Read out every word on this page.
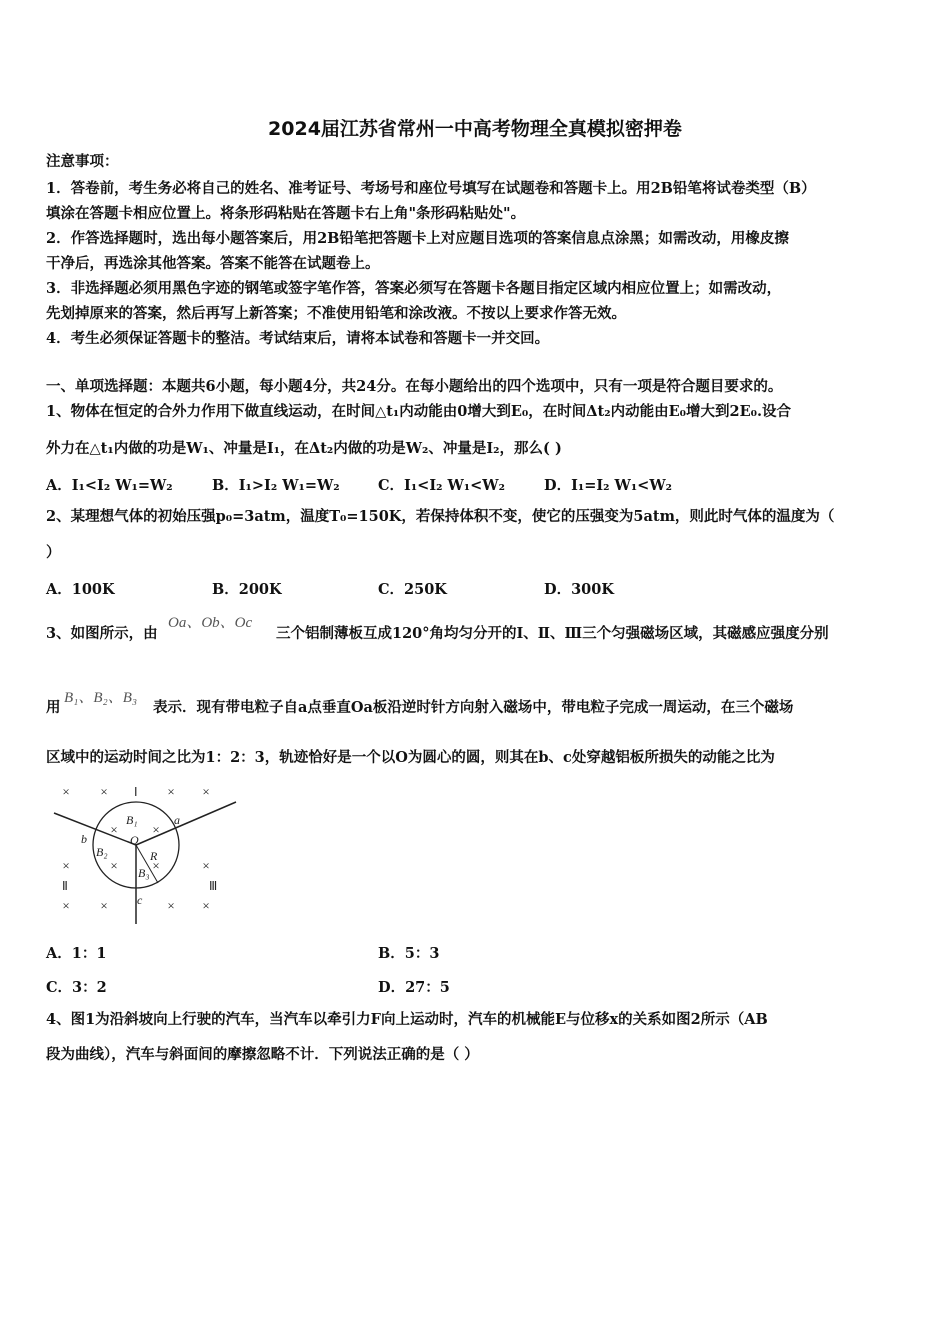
2024届江苏省常州一中高考物理全真模拟密押卷
注意事项：
1．答卷前，考生务必将自己的姓名、准考证号、考场号和座位号填写在试题卷和答题卡上。用2B铅笔将试卷类型（B）
填涂在答题卡相应位置上。将条形码粘贴在答题卡右上角"条形码粘贴处"。
2．作答选择题时，选出每小题答案后，用2B铅笔把答题卡上对应题目选项的答案信息点涂黑；如需改动，用橡皮擦
干净后，再选涂其他答案。答案不能答在试题卷上。
3．非选择题必须用黑色字迹的钢笔或签字笔作答，答案必须写在答题卡各题目指定区域内相应位置上；如需改动，
先划掉原来的答案，然后再写上新答案；不准使用铅笔和涂改液。不按以上要求作答无效。
4．考生必须保证答题卡的整洁。考试结束后，请将本试卷和答题卡一并交回。
一、单项选择题：本题共6小题，每小题4分，共24分。在每小题给出的四个选项中，只有一项是符合题目要求的。
1、物体在恒定的合外力作用下做直线运动，在时间△t₁内动能由0增大到E₀，在时间Δt₂内动能由E₀增大到2E₀.设合
外力在△t₁内做的功是W₁、冲量是I₁，在Δt₂内做的功是W₂、冲量是I₂，那么( )
A．I₁<I₂ W₁=W₂	B．I₁>I₂ W₁=W₂	C．I₁<I₂ W₁<W₂	D．I₁=I₂ W₁<W₂
2、某理想气体的初始压强p₀=3atm，温度T₀=150K，若保持体积不变，使它的压强变为5atm，则此时气体的温度为（
）
A．100K	B．200K	C．250K	D．300K
3、如图所示，由
Oa、Ob、Oc
三个铝制薄板互成120°角均匀分开的Ⅰ、Ⅱ、Ⅲ三个匀强磁场区域，其磁感应强度分别
用
B₁、B₂、B₃
表示．现有带电粒子自a点垂直Oa板沿逆时针方向射入磁场中，带电粒子完成一周运动，在三个磁场
区域中的运动时间之比为1：2：3，轨迹恰好是一个以O为圆心的圆，则其在b、c处穿越铝板所损失的动能之比为
× ×	× ×
×	×
×	×	×	×
× ×	× ×
Ⅰ
Ⅱ	Ⅲ
a
b
c
O
R
B₁
B₂
B₃
A．1：1	B．5：3
C．3：2	D．27：5
4、图1为沿斜坡向上行驶的汽车，当汽车以牵引力F向上运动时，汽车的机械能E与位移x的关系如图2所示（AB
段为曲线），汽车与斜面间的摩擦忽略不计．下列说法正确的是（ ）
